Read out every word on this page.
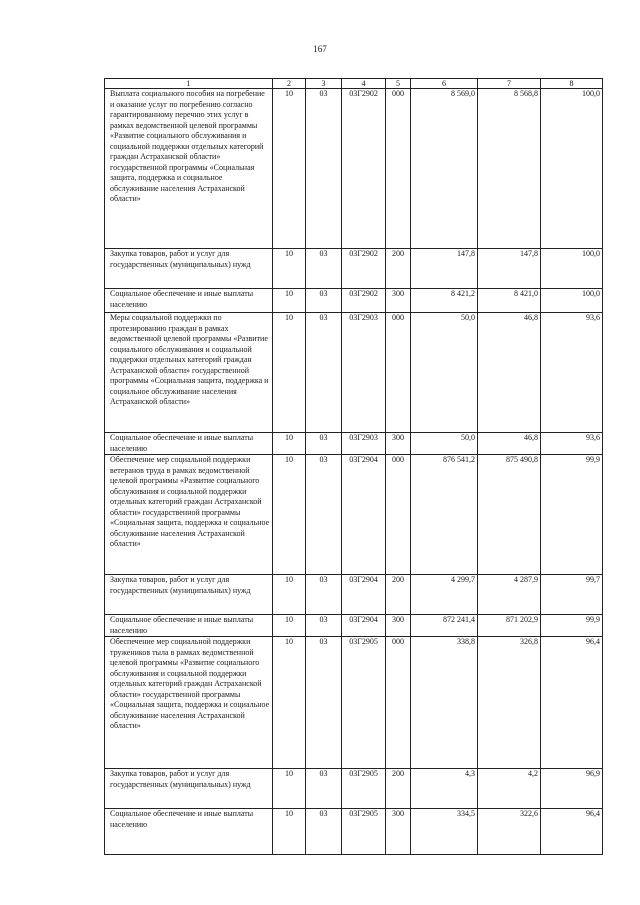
167
1	2	3	4	5	6	7	8
Выплата социального пособия на погребение и оказание услуг по погребению согласно гарантированному перечню этих услуг в рамках ведомственной целевой программы «Развитие социального обслуживания и социальной поддержки отдельных категорий граждан Астраханской области» государственной программы «Социальная защита, поддержка и социальное обслуживание населения Астраханской области»	10	03	03Г2902	000	8 569,0	8 568,8	100,0
Закупка товаров, работ и услуг для государственных (муниципальных) нужд	10	03	03Г2902	200	147,8	147,8	100,0
Социальное обеспечение и иные выплаты населению	10	03	03Г2902	300	8 421,2	8 421,0	100,0
Меры социальной поддержки по протезированию граждан в рамках ведомственной целевой программы «Развитие социального обслуживания и социальной поддержки отдельных категорий граждан Астраханской области» государственной программы «Социальная защита, поддержка и социальное обслуживание населения Астраханской области»	10	03	03Г2903	000	50,0	46,8	93,6
Социальное обеспечение и иные выплаты населению	10	03	03Г2903	300	50,0	46,8	93,6
Обеспечение мер социальной поддержки ветеранов труда в рамках ведомственной целевой программы «Развитие социального обслуживания и социальной поддержки отдельных категорий граждан Астраханской области» государственной программы «Социальная защита, поддержка и социальное обслуживание населения Астраханской области»	10	03	03Г2904	000	876 541,2	875 490,8	99,9
Закупка товаров, работ и услуг для государственных (муниципальных) нужд	10	03	03Г2904	200	4 299,7	4 287,9	99,7
Социальное обеспечение и иные выплаты населению	10	03	03Г2904	300	872 241,4	871 202,9	99,9
Обеспечение мер социальной поддержки тружеников тыла в рамках ведомственной целевой программы «Развитие социального обслуживания и социальной поддержки отдельных категорий граждан Астраханской области» государственной программы «Социальная защита, поддержка и социальное обслуживание населения Астраханской области»	10	03	03Г2905	000	338,8	326,8	96,4
Закупка товаров, работ и услуг для государственных (муниципальных) нужд	10	03	03Г2905	200	4,3	4,2	96,9
Социальное обеспечение и иные выплаты населению	10	03	03Г2905	300	334,5	322,6	96,4
